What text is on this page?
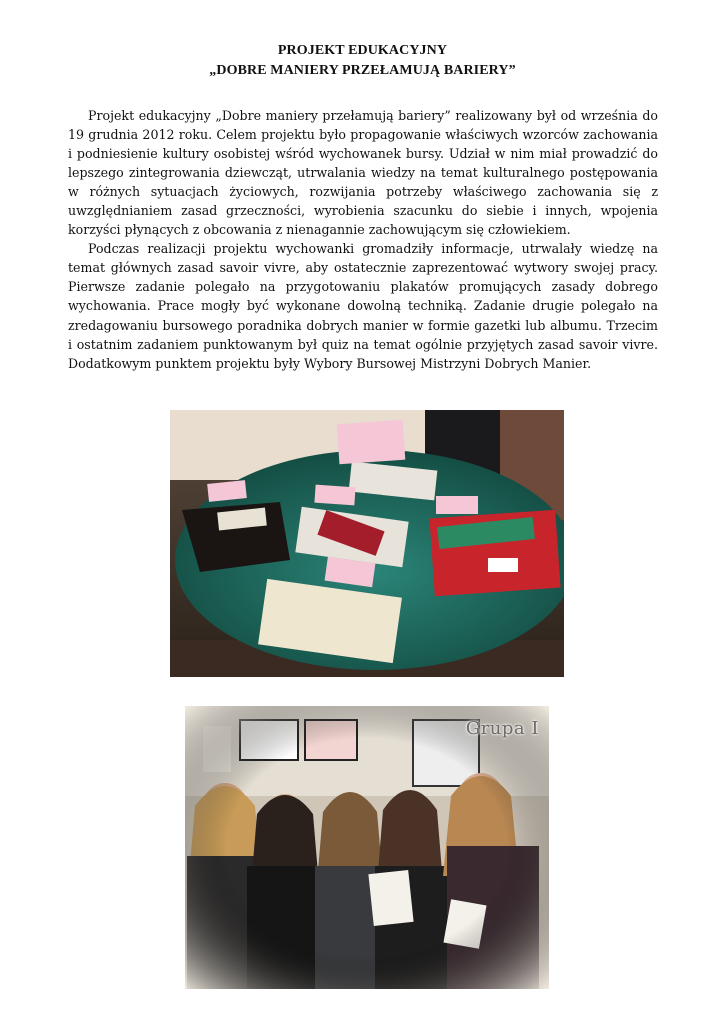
PROJEKT EDUKACYJNY
„DOBRE MANIERY PRZEŁAMUJĄ BARIERY”

Projekt edukacyjny „Dobre maniery przełamują bariery” realizowany był od września do 19 grudnia 2012 roku. Celem projektu było propagowanie właściwych wzorców zachowania i podniesienie kultury osobistej wśród wychowanek bursy. Udział w nim miał prowadzić do lepszego zintegrowania dziewcząt, utrwalania wiedzy na temat kulturalnego postępowania w różnych sytuacjach życiowych, rozwijania potrzeby właściwego zachowania się z uwzględnianiem zasad grzeczności, wyrobienia szacunku do siebie i innych, wpojenia korzyści płynących z obcowania z nienagannie zachowującym się człowiekiem.

Podczas realizacji projektu wychowanki gromadziły informacje, utrwalały wiedzę na temat głównych zasad savoir vivre, aby ostatecznie zaprezentować wytwory swojej pracy. Pierwsze zadanie polegało na przygotowaniu plakatów promujących zasady dobrego wychowania. Prace mogły być wykonane dowolną techniką. Zadanie drugie polegało na zredagowaniu bursowego poradnika dobrych manier w formie gazetki lub albumu. Trzecim i ostatnim zadaniem punktowanym był quiz na temat ogólnie przyjętych zasad savoir vivre. Dodatkowym punktem projektu były Wybory Bursowej Mistrzyni Dobrych Manier.

Grupa I
